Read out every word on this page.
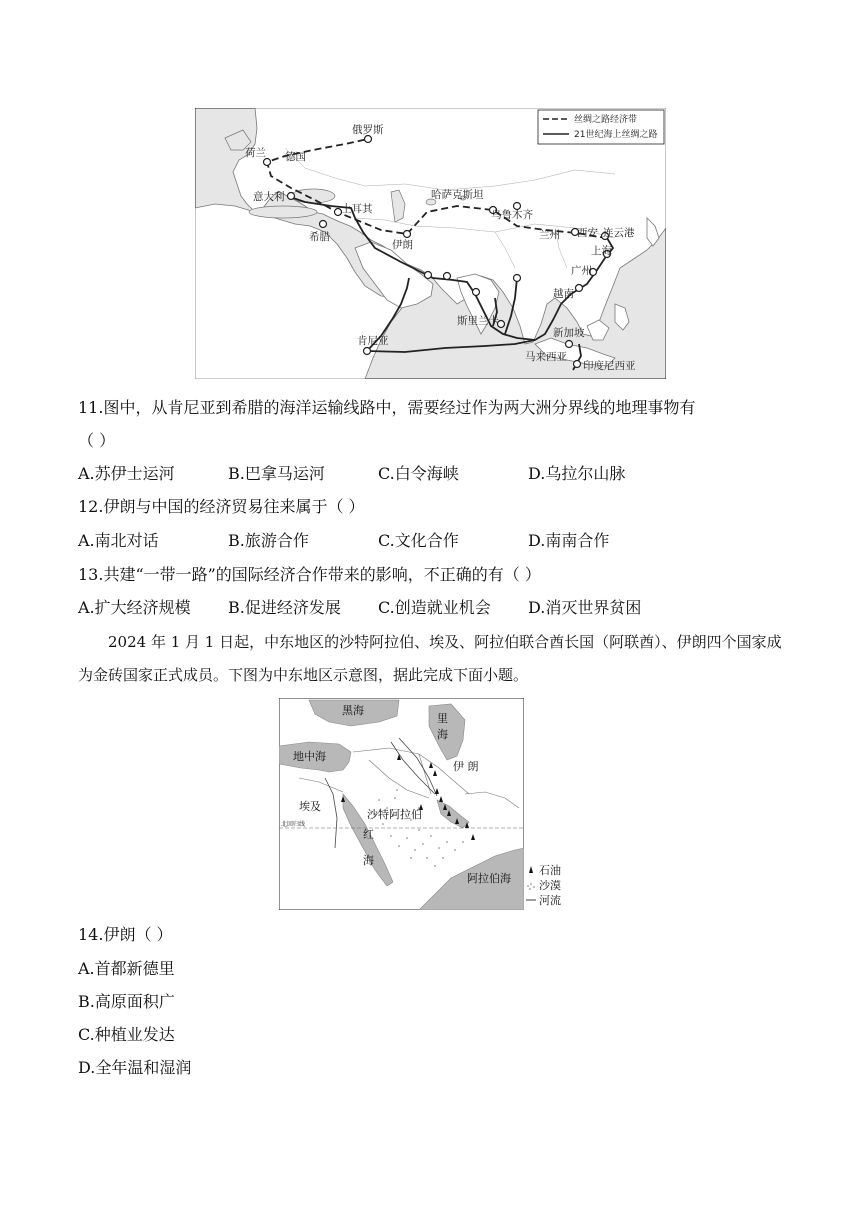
丝绸之路经济带
21世纪海上丝绸之路
俄罗斯
荷兰 德国
意大利
土耳其
希腊
伊朗
哈萨克斯坦
乌鲁木齐
兰州 西安 连云港
上海
广州
越南
斯里兰卡
新加坡
马来西亚
印度尼西亚
肯尼亚
11.图中，从肯尼亚到希腊的海洋运输线路中，需要经过作为两大洲分界线的地理事物有
（ ）
A.苏伊士运河	B.巴拿马运河	C.白令海峡	D.乌拉尔山脉
12.伊朗与中国的经济贸易往来属于（ ）
A.南北对话	B.旅游合作	C.文化合作	D.南南合作
13.共建“一带一路”的国际经济合作带来的影响，不正确的有（ ）
A.扩大经济规模 B.促进经济发展 C.创造就业机会 D.消灭世界贫困
2024 年 1 月 1 日起，中东地区的沙特阿拉伯、埃及、阿拉伯联合酋长国（阿联酋）、伊朗四个国家成为金砖国家正式成员。下图为中东地区示意图，据此完成下面小题。
黑海
里
海
地中海
伊 朗
埃及
沙特阿拉伯
红
海
阿拉伯海
北回归线
石油
沙漠
河流
14.伊朗（ ）
A.首都新德里
B.高原面积广
C.种植业发达
D.全年温和湿润
